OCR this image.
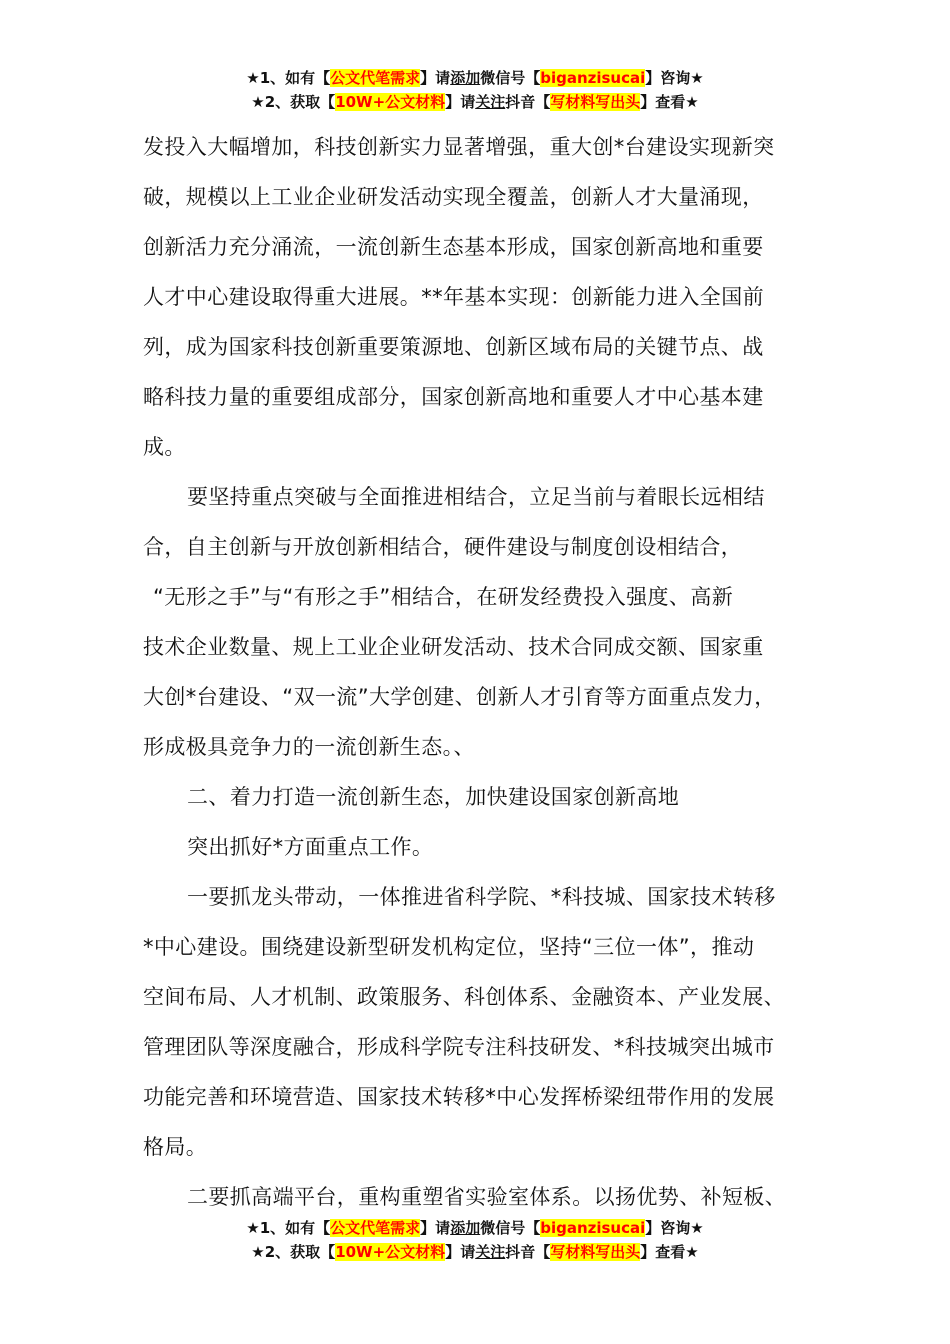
★1、如有【公文代笔需求】请添加微信号【biganzisucai】咨询★
★2、获取【10W+公文材料】请关注抖音【写材料写出头】查看★
发投入大幅增加，科技创新实力显著增强，重大创*台建设实现新突
破，规模以上工业企业研发活动实现全覆盖，创新人才大量涌现，
创新活力充分涌流，一流创新生态基本形成，国家创新高地和重要
人才中心建设取得重大进展。**年基本实现：创新能力进入全国前
列，成为国家科技创新重要策源地、创新区域布局的关键节点、战
略科技力量的重要组成部分，国家创新高地和重要人才中心基本建
成。
要坚持重点突破与全面推进相结合，立足当前与着眼长远相结
合，自主创新与开放创新相结合，硬件建设与制度创设相结合，
“无形之手”与“有形之手”相结合，在研发经费投入强度、高新
技术企业数量、规上工业企业研发活动、技术合同成交额、国家重
大创*台建设、“双一流”大学创建、创新人才引育等方面重点发力，
形成极具竞争力的一流创新生态。、
二、着力打造一流创新生态，加快建设国家创新高地
突出抓好*方面重点工作。
一要抓龙头带动，一体推进省科学院、*科技城、国家技术转移
*中心建设。围绕建设新型研发机构定位，坚持“三位一体”，推动
空间布局、人才机制、政策服务、科创体系、金融资本、产业发展、
管理团队等深度融合，形成科学院专注科技研发、*科技城突出城市
功能完善和环境营造、国家技术转移*中心发挥桥梁纽带作用的发展
格局。
二要抓高端平台，重构重塑省实验室体系。以扬优势、补短板、
★1、如有【公文代笔需求】请添加微信号【biganzisucai】咨询★
★2、获取【10W+公文材料】请关注抖音【写材料写出头】查看★
